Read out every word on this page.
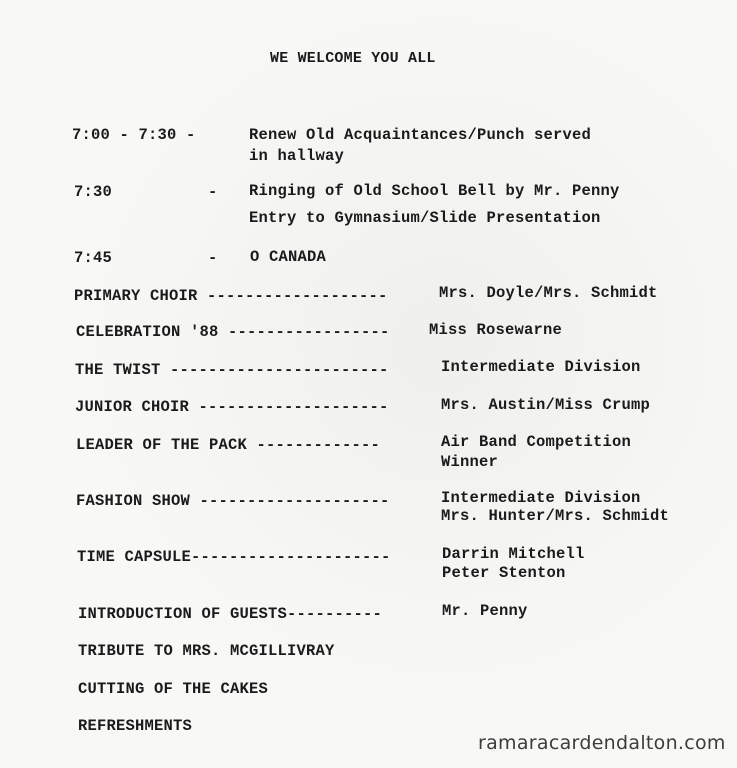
WE WELCOME YOU ALL
7:00 - 7:30 -	Renew Old Acquaintances/Punch served
in hallway
7:30	- Ringing of Old School Bell by Mr. Penny
Entry to Gymnasium/Slide Presentation
7:45	- O CANADA
PRIMARY CHOIR -------------------	Mrs. Doyle/Mrs. Schmidt
CELEBRATION '88 -----------------	Miss Rosewarne
THE TWIST -----------------------	Intermediate Division
JUNIOR CHOIR --------------------	Mrs. Austin/Miss Crump
LEADER OF THE PACK -------------	Air Band Competition
Winner
FASHION SHOW --------------------	Intermediate Division
Mrs. Hunter/Mrs. Schmidt
TIME CAPSULE---------------------	Darrin Mitchell
Peter Stenton
INTRODUCTION OF GUESTS----------	Mr. Penny
TRIBUTE TO MRS. MCGILLIVRAY
CUTTING OF THE CAKES
REFRESHMENTS
ramaracardendalton.com
